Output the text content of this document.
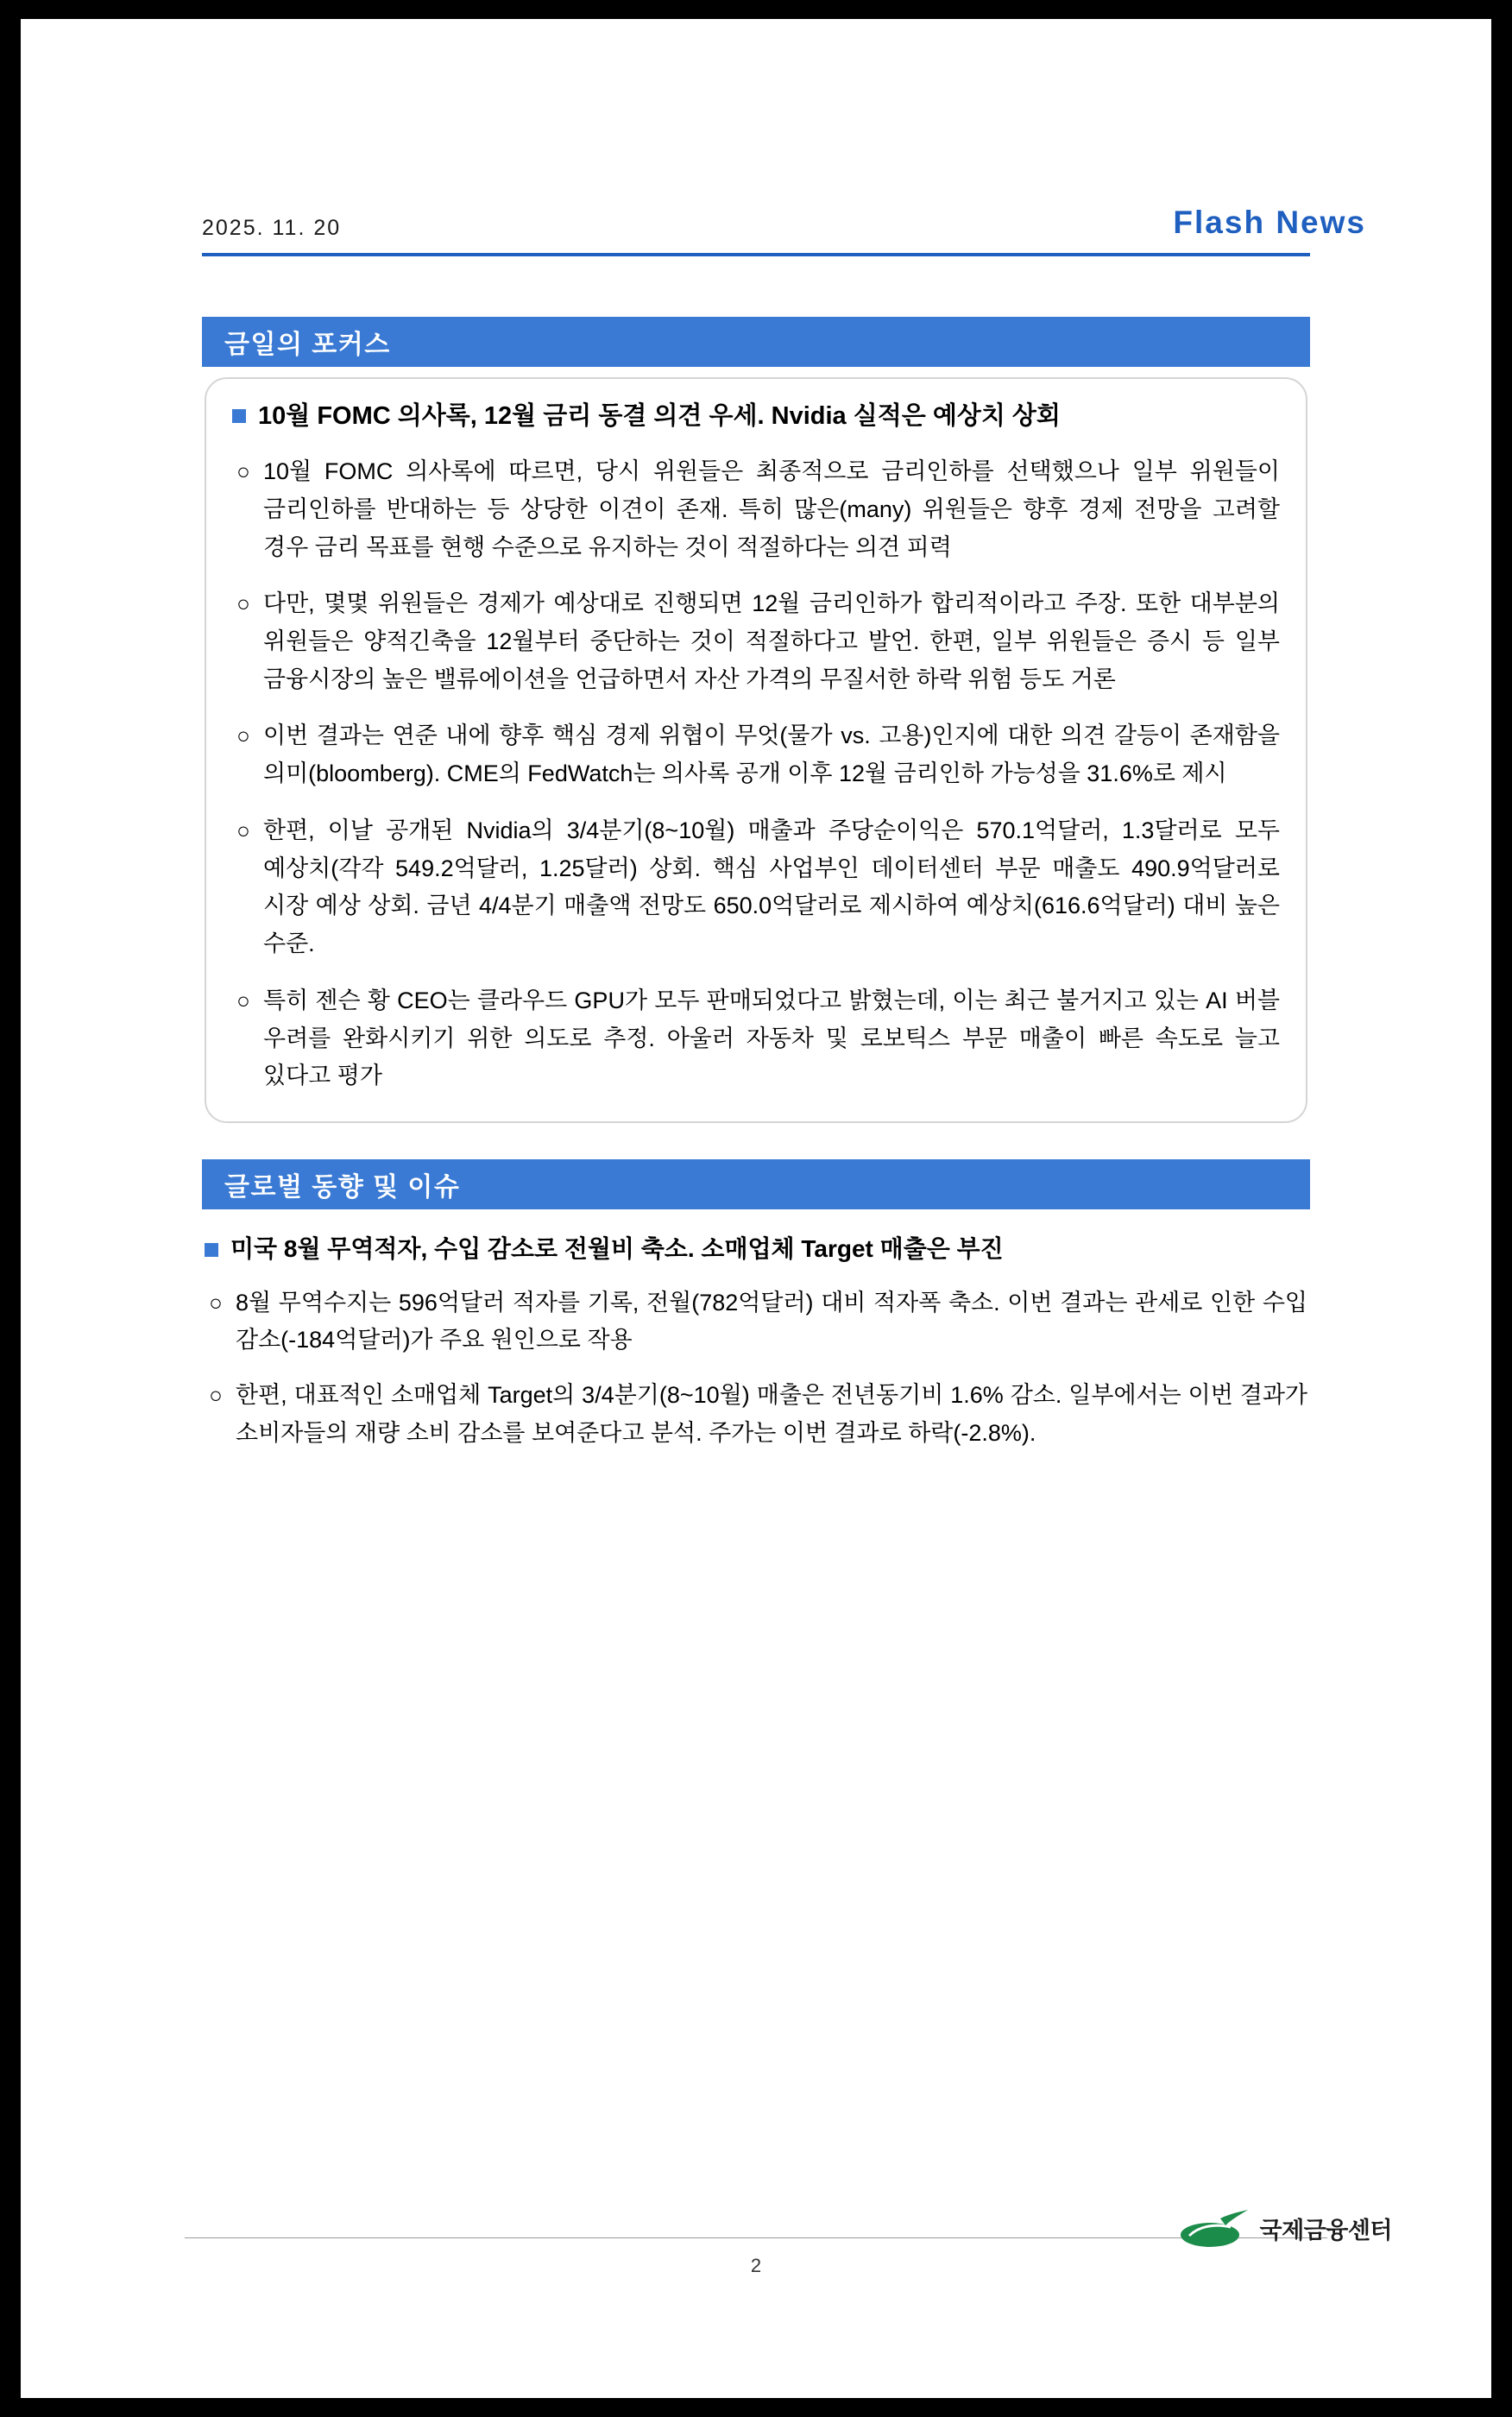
2025. 11. 20	Flash News
금일의 포커스
10월 FOMC 의사록, 12월 금리 동결 의견 우세. Nvidia 실적은 예상치 상회
○ 10월 FOMC 의사록에 따르면, 당시 위원들은 최종적으로 금리인하를 선택했으나 일부 위원들이 금리인하를 반대하는 등 상당한 이견이 존재. 특히 많은(many) 위원들은 향후 경제 전망을 고려할 경우 금리 목표를 현행 수준으로 유지하는 것이 적절하다는 의견 피력
○ 다만, 몇몇 위원들은 경제가 예상대로 진행되면 12월 금리인하가 합리적이라고 주장. 또한 대부분의 위원들은 양적긴축을 12월부터 중단하는 것이 적절하다고 발언. 한편, 일부 위원들은 증시 등 일부 금융시장의 높은 밸류에이션을 언급하면서 자산 가격의 무질서한 하락 위험 등도 거론
○ 이번 결과는 연준 내에 향후 핵심 경제 위협이 무엇(물가 vs. 고용)인지에 대한 의견 갈등이 존재함을 의미(bloomberg). CME의 FedWatch는 의사록 공개 이후 12월 금리인하 가능성을 31.6%로 제시
○ 한편, 이날 공개된 Nvidia의 3/4분기(8~10월) 매출과 주당순이익은 570.1억달러, 1.3달러로 모두 예상치(각각 549.2억달러, 1.25달러) 상회. 핵심 사업부인 데이터센터 부문 매출도 490.9억달러로 시장 예상 상회. 금년 4/4분기 매출액 전망도 650.0억달러로 제시하여 예상치(616.6억달러) 대비 높은 수준.
○ 특히 젠슨 황 CEO는 클라우드 GPU가 모두 판매되었다고 밝혔는데, 이는 최근 불거지고 있는 AI 버블 우려를 완화시키기 위한 의도로 추정. 아울러 자동차 및 로보틱스 부문 매출이 빠른 속도로 늘고 있다고 평가
글로벌 동향 및 이슈
미국 8월 무역적자, 수입 감소로 전월비 축소. 소매업체 Target 매출은 부진
○ 8월 무역수지는 596억달러 적자를 기록, 전월(782억달러) 대비 적자폭 축소. 이번 결과는 관세로 인한 수입 감소(-184억달러)가 주요 원인으로 작용
○ 한편, 대표적인 소매업체 Target의 3/4분기(8~10월) 매출은 전년동기비 1.6% 감소. 일부에서는 이번 결과가 소비자들의 재량 소비 감소를 보여준다고 분석. 주가는 이번 결과로 하락(-2.8%).
2
국제금융센터
